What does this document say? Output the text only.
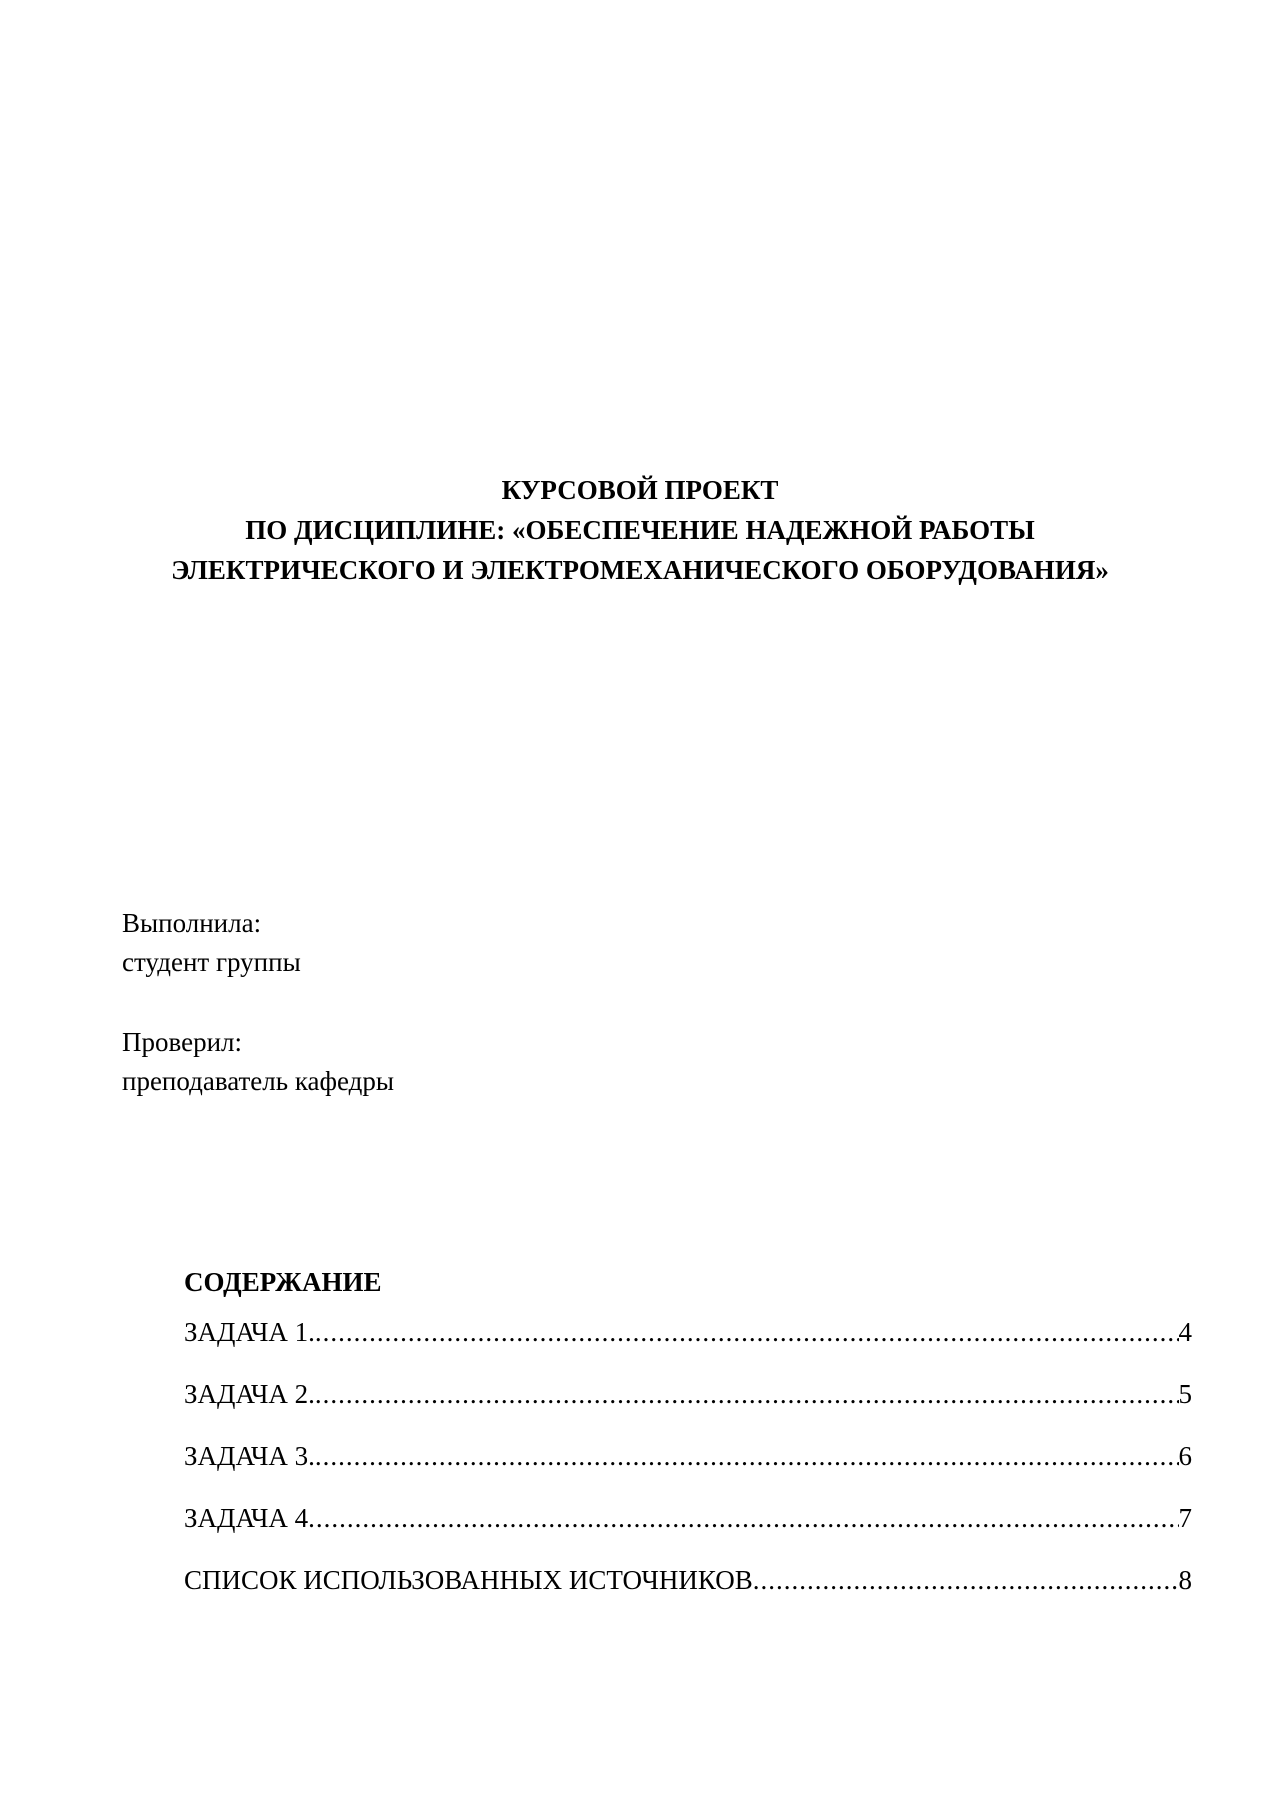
КУРСОВОЙ ПРОЕКТ
ПО ДИСЦИПЛИНЕ: «ОБЕСПЕЧЕНИЕ НАДЕЖНОЙ РАБОТЫ
ЭЛЕКТРИЧЕСКОГО И ЭЛЕКТРОМЕХАНИЧЕСКОГО ОБОРУДОВАНИЯ»
Выполнила:
студент группы
Проверил:
преподаватель кафедры
СОДЕРЖАНИЕ
ЗАДАЧА 1. .....	4
ЗАДАЧА 2. .....	5
ЗАДАЧА 3. .....	6
ЗАДАЧА 4 .....	7
СПИСОК ИСПОЛЬЗОВАННЫХ ИСТОЧНИКОВ .....	8
